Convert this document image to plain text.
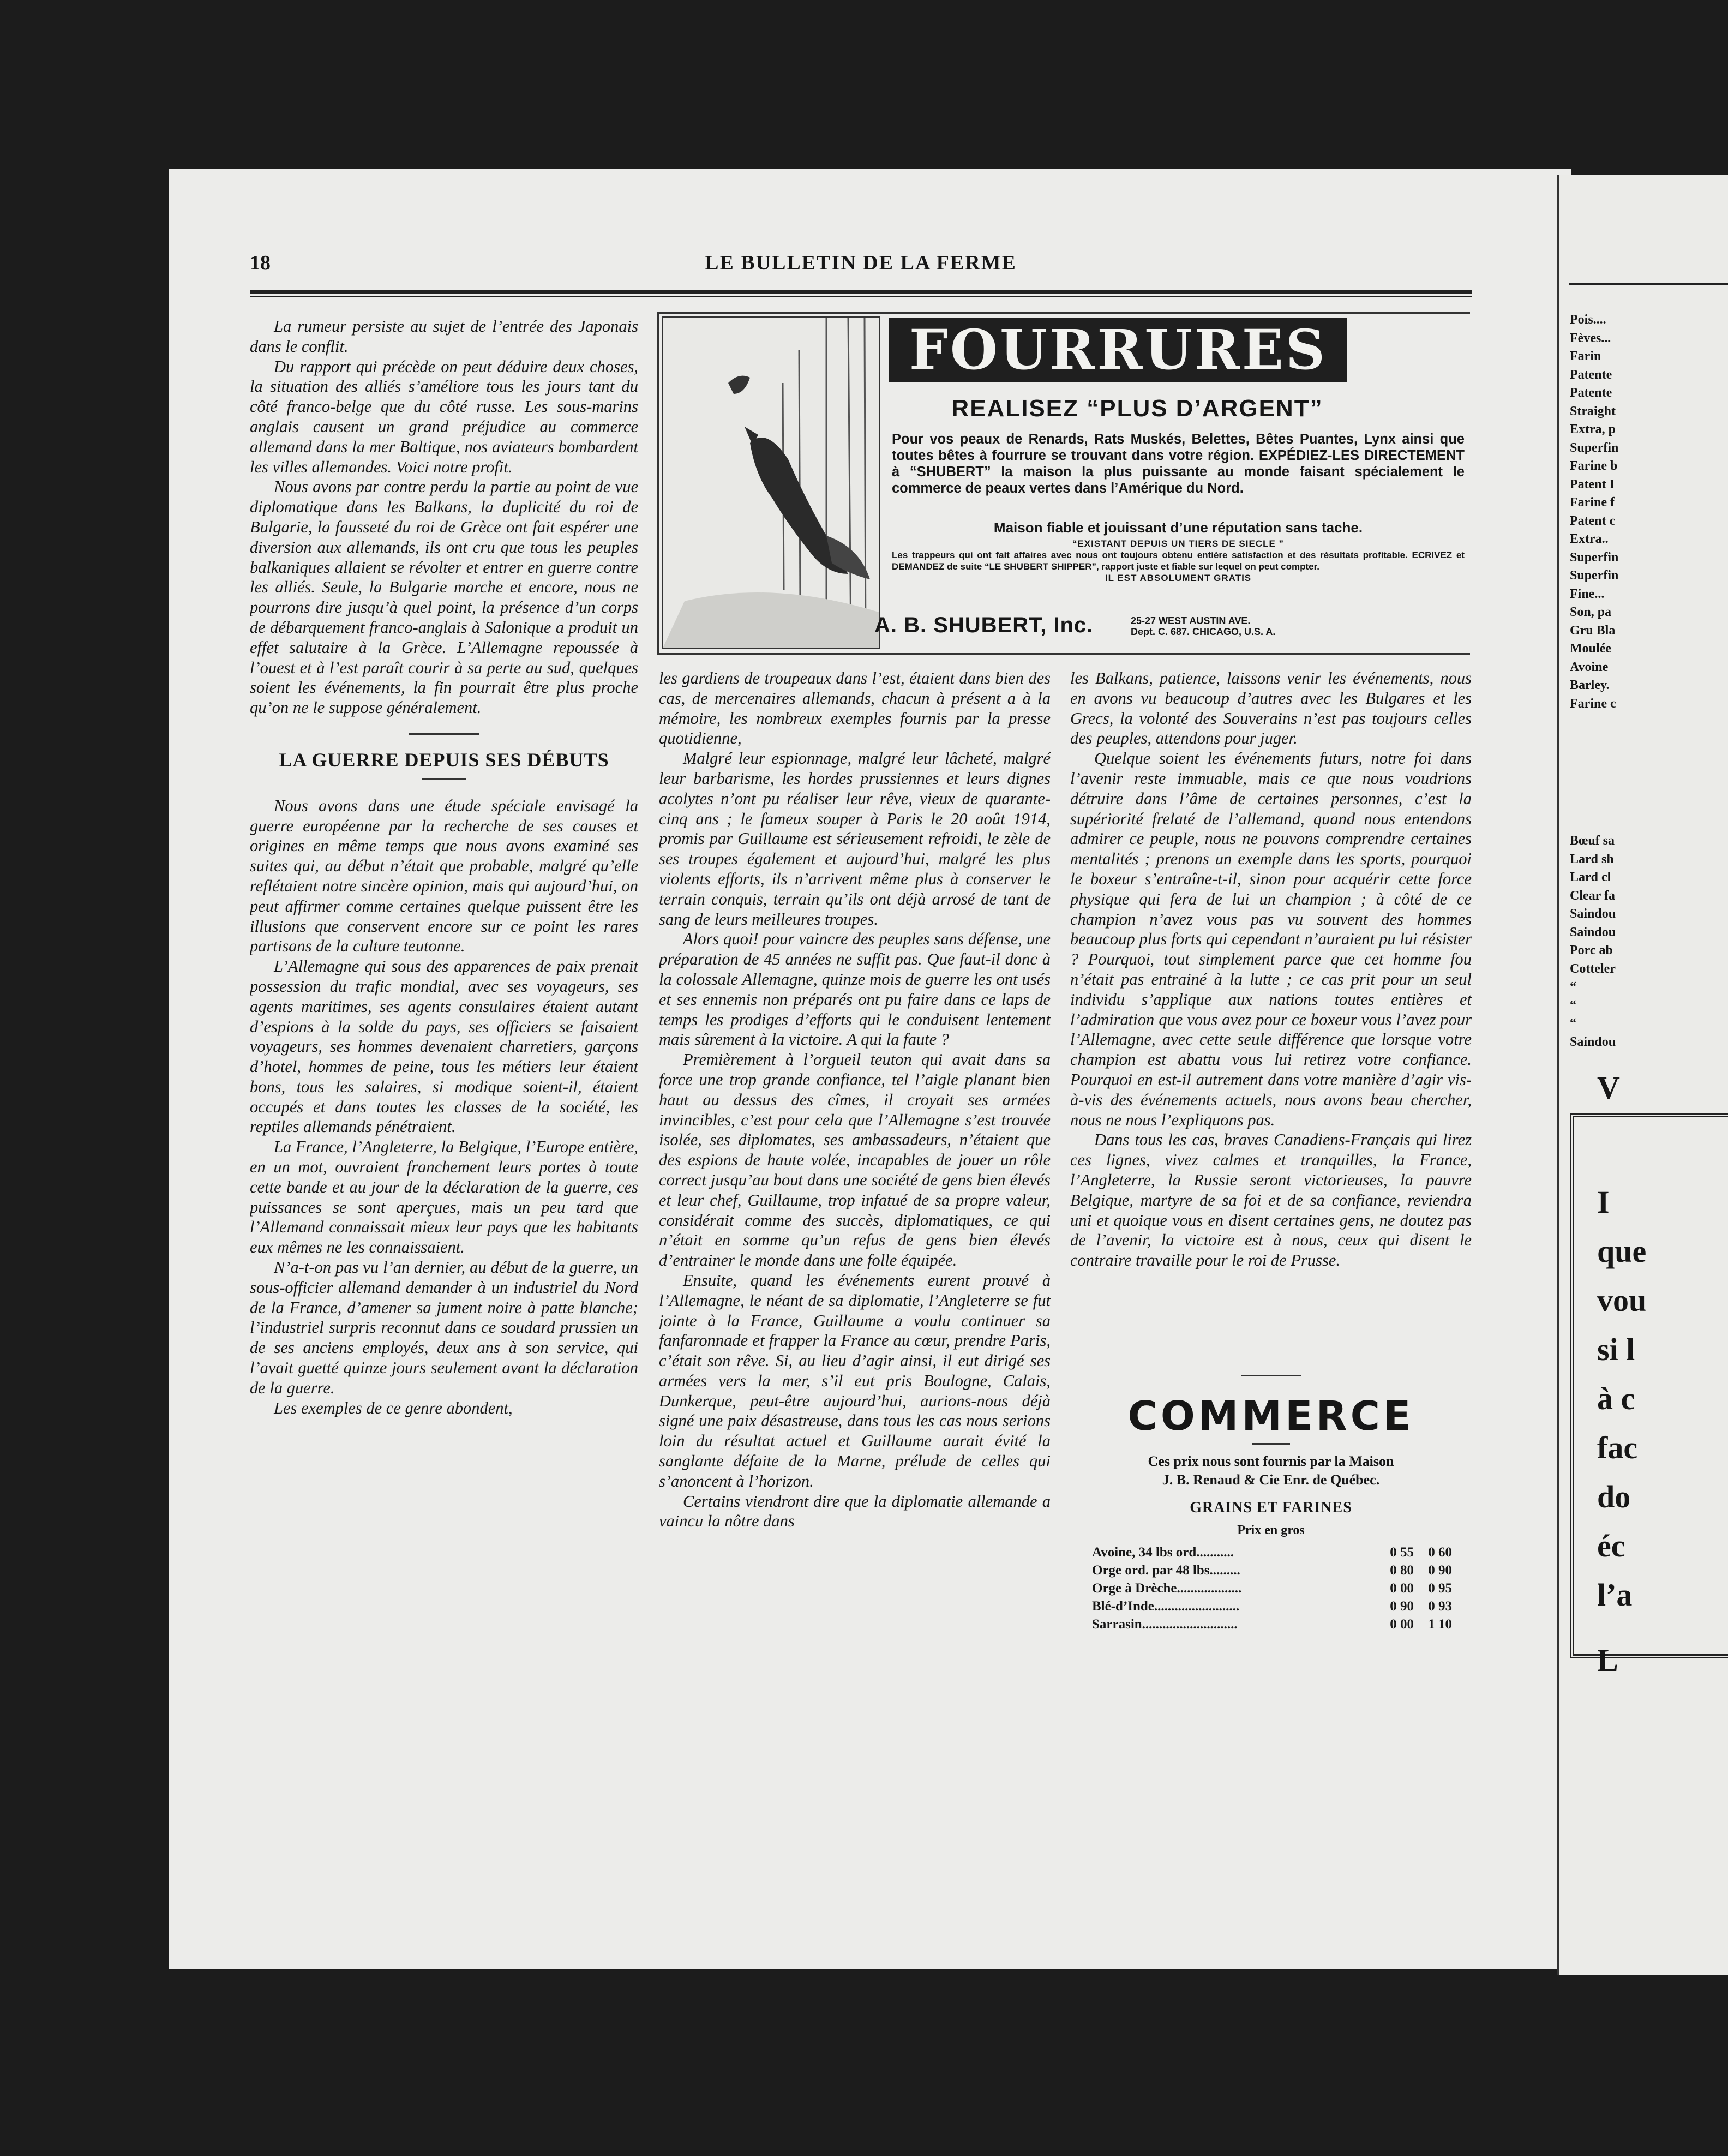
18	LE BULLETIN DE LA FERME

La rumeur persiste au sujet de l’entrée des Japonais dans le conflit.

Du rapport qui précède on peut déduire deux choses, la situation des alliés s’améliore tous les jours tant du côté franco-belge que du côté russe. Les sous-marins anglais causent un grand préjudice au commerce allemand dans la mer Baltique, nos aviateurs bombardent les villes allemandes. Voici notre profit.

Nous avons par contre perdu la partie au point de vue diplomatique dans les Balkans, la duplicité du roi de Bulgarie, la fausseté du roi de Grèce ont fait espérer une diversion aux allemands, ils ont cru que tous les peuples balkaniques allaient se révolter et entrer en guerre contre les alliés. Seule, la Bulgarie marche et encore, nous ne pourrons dire jusqu’à quel point, la présence d’un corps de débarquement franco-anglais à Salonique a produit un effet salutaire à la Grèce. L’Allemagne repoussée à l’ouest et à l’est paraît courir à sa perte au sud, quelques soient les événements, la fin pourrait être plus proche qu’on ne le suppose généralement.

LA GUERRE DEPUIS SES DÉBUTS

Nous avons dans une étude spéciale envisagé la guerre européenne par la recherche de ses causes et origines en même temps que nous avons examiné ses suites qui, au début n’était que probable, malgré qu’elle reflétaient notre sincère opinion, mais qui aujourd’hui, on peut affirmer comme certaines quelque puissent être les illusions que conservent encore sur ce point les rares partisans de la culture teutonne.

L’Allemagne qui sous des apparences de paix prenait possession du trafic mondial, avec ses voyageurs, ses agents maritimes, ses agents consulaires étaient autant d’espions à la solde du pays, ses officiers se faisaient voyageurs, ses hommes devenaient charretiers, garçons d’hotel, hommes de peine, tous les métiers leur étaient bons, tous les salaires, si modique soient-il, étaient occupés et dans toutes les classes de la société, les reptiles allemands pénétraient.

La France, l’Angleterre, la Belgique, l’Europe entière, en un mot, ouvraient franchement leurs portes à toute cette bande et au jour de la déclaration de la guerre, ces puissances se sont aperçues, mais un peu tard que l’Allemand connaissait mieux leur pays que les habitants eux mêmes ne les connaissaient.

N’a-t-on pas vu l’an dernier, au début de la guerre, un sous-officier allemand demander à un industriel du Nord de la France, d’amener sa jument noire à patte blanche; l’industriel surpris reconnut dans ce soudard prussien un de ses anciens employés, deux ans à son service, qui l’avait guetté quinze jours seulement avant la déclaration de la guerre.

Les exemples de ce genre abondent,

FOURRURES
REALISEZ “PLUS D’ARGENT”
Pour vos peaux de Renards, Rats Muskés, Belettes, Bêtes Puantes, Lynx ainsi que toutes bêtes à fourrure se trouvant dans votre région. EXPÉDIEZ-LES DIRECTEMENT à “SHUBERT” la maison la plus puissante au monde faisant spécialement le commerce de peaux vertes dans l’Amérique du Nord.
Maison fiable et jouissant d’une réputation sans tache.
“EXISTANT DEPUIS UN TIERS DE SIECLE ”
Les trappeurs qui ont fait affaires avec nous ont toujours obtenu entière satisfaction et des résultats profitable. ECRIVEZ et DEMANDEZ de suite “LE SHUBERT SHIPPER”, rapport juste et fiable sur lequel on peut compter.
IL EST ABSOLUMENT GRATIS
A. B. SHUBERT, Inc.	25-27 WEST AUSTIN AVE.
Dept. C. 687. CHICAGO, U.S. A.

les gardiens de troupeaux dans l’est, étaient dans bien des cas, de mercenaires allemands, chacun à présent a à la mémoire, les nombreux exemples fournis par la presse quotidienne,

Malgré leur espionnage, malgré leur lâcheté, malgré leur barbarisme, les hordes prussiennes et leurs dignes acolytes n’ont pu réaliser leur rêve, vieux de quarante-cinq ans ; le fameux souper à Paris le 20 août 1914, promis par Guillaume est sérieusement refroidi, le zèle de ses troupes également et aujourd’hui, malgré les plus violents efforts, ils n’arrivent même plus à conserver le terrain conquis, terrain qu’ils ont déjà arrosé de tant de sang de leurs meilleures troupes.

Alors quoi! pour vaincre des peuples sans défense, une préparation de 45 années ne suffit pas. Que faut-il donc à la colossale Allemagne, quinze mois de guerre les ont usés et ses ennemis non préparés ont pu faire dans ce laps de temps les prodiges d’efforts qui le conduisent lentement mais sûrement à la victoire. A qui la faute ?

Premièrement à l’orgueil teuton qui avait dans sa force une trop grande confiance, tel l’aigle planant bien haut au dessus des cîmes, il croyait ses armées invincibles, c’est pour cela que l’Allemagne s’est trouvée isolée, ses diplomates, ses ambassadeurs, n’étaient que des espions de haute volée, incapables de jouer un rôle correct jusqu’au bout dans une société de gens bien élevés et leur chef, Guillaume, trop infatué de sa propre valeur, considérait comme des succès, diplomatiques, ce qui n’était en somme qu’un refus de gens bien élevés d’entrainer le monde dans une folle équipée.

Ensuite, quand les événements eurent prouvé à l’Allemagne, le néant de sa diplomatie, l’Angleterre se fut jointe à la France, Guillaume a voulu continuer sa fanfaronnade et frapper la France au cœur, prendre Paris, c’était son rêve. Si, au lieu d’agir ainsi, il eut dirigé ses armées vers la mer, s’il eut pris Boulogne, Calais, Dunkerque, peut-être aujourd’hui, aurions-nous déjà signé une paix désastreuse, dans tous les cas nous serions loin du résultat actuel et Guillaume aurait évité la sanglante défaite de la Marne, prélude de celles qui s’anoncent à l’horizon.

Certains viendront dire que la diplomatie allemande a vaincu la nôtre dans

les Balkans, patience, laissons venir les événements, nous en avons vu beaucoup d’autres avec les Bulgares et les Grecs, la volonté des Souverains n’est pas toujours celles des peuples, attendons pour juger.

Quelque soient les événements futurs, notre foi dans l’avenir reste immuable, mais ce que nous voudrions détruire dans l’âme de certaines personnes, c’est la supériorité frelaté de l’allemand, quand nous entendons admirer ce peuple, nous ne pouvons comprendre certaines mentalités ; prenons un exemple dans les sports, pourquoi le boxeur s’entraîne-t-il, sinon pour acquérir cette force physique qui fera de lui un champion ; à côté de ce champion n’avez vous pas vu souvent des hommes beaucoup plus forts qui cependant n’auraient pu lui résister ? Pourquoi, tout simplement parce que cet homme fou n’était pas entrainé à la lutte ; ce cas prit pour un seul individu s’applique aux nations toutes entières et l’admiration que vous avez pour ce boxeur vous l’avez pour l’Allemagne, avec cette seule différence que lorsque votre champion est abattu vous lui retirez votre confiance. Pourquoi en est-il autrement dans votre manière d’agir vis-à-vis des événements actuels, nous avons beau chercher, nous ne nous l’expliquons pas.

Dans tous les cas, braves Canadiens-Français qui lirez ces lignes, vivez calmes et tranquilles, la France, l’Angleterre, la Russie seront victorieuses, la pauvre Belgique, martyre de sa foi et de sa confiance, reviendra uni et quoique vous en disent certaines gens, ne doutez pas de l’avenir, la victoire est à nous, ceux qui disent le contraire travaille pour le roi de Prusse.

COMMERCE
Ces prix nous sont fournis par la Maison
J. B. Renaud & Cie Enr. de Québec.
GRAINS ET FARINES
Prix en gros
Avoine, 34 lbs ord...........	0 55	0 60
Orge ord. par 48 lbs.........	0 80	0 90
Orge à Drèche...................	0 00	0 95
Blé-d’Inde.........................	0 90	0 93
Sarrasin............................	0 00	1 10
Pois....
Fèves...
Farin
Patente
Patente
Straight
Extra, p
Superfin
Farine b
Patent I
Farine f
Patent c
Extra..
Superfin
Superfin
Fine...
Son, pa
Gru Bla
Moulée
Avoine
Barley.
Farine c
Bœuf sa
Lard sh
Lard cl
Clear fa
Saindou
Saindou
Porc ab
Cotteler
“
“
“
Saindou
V
I
que
vou
si l
à c
fac
do
éc
l’a
L
